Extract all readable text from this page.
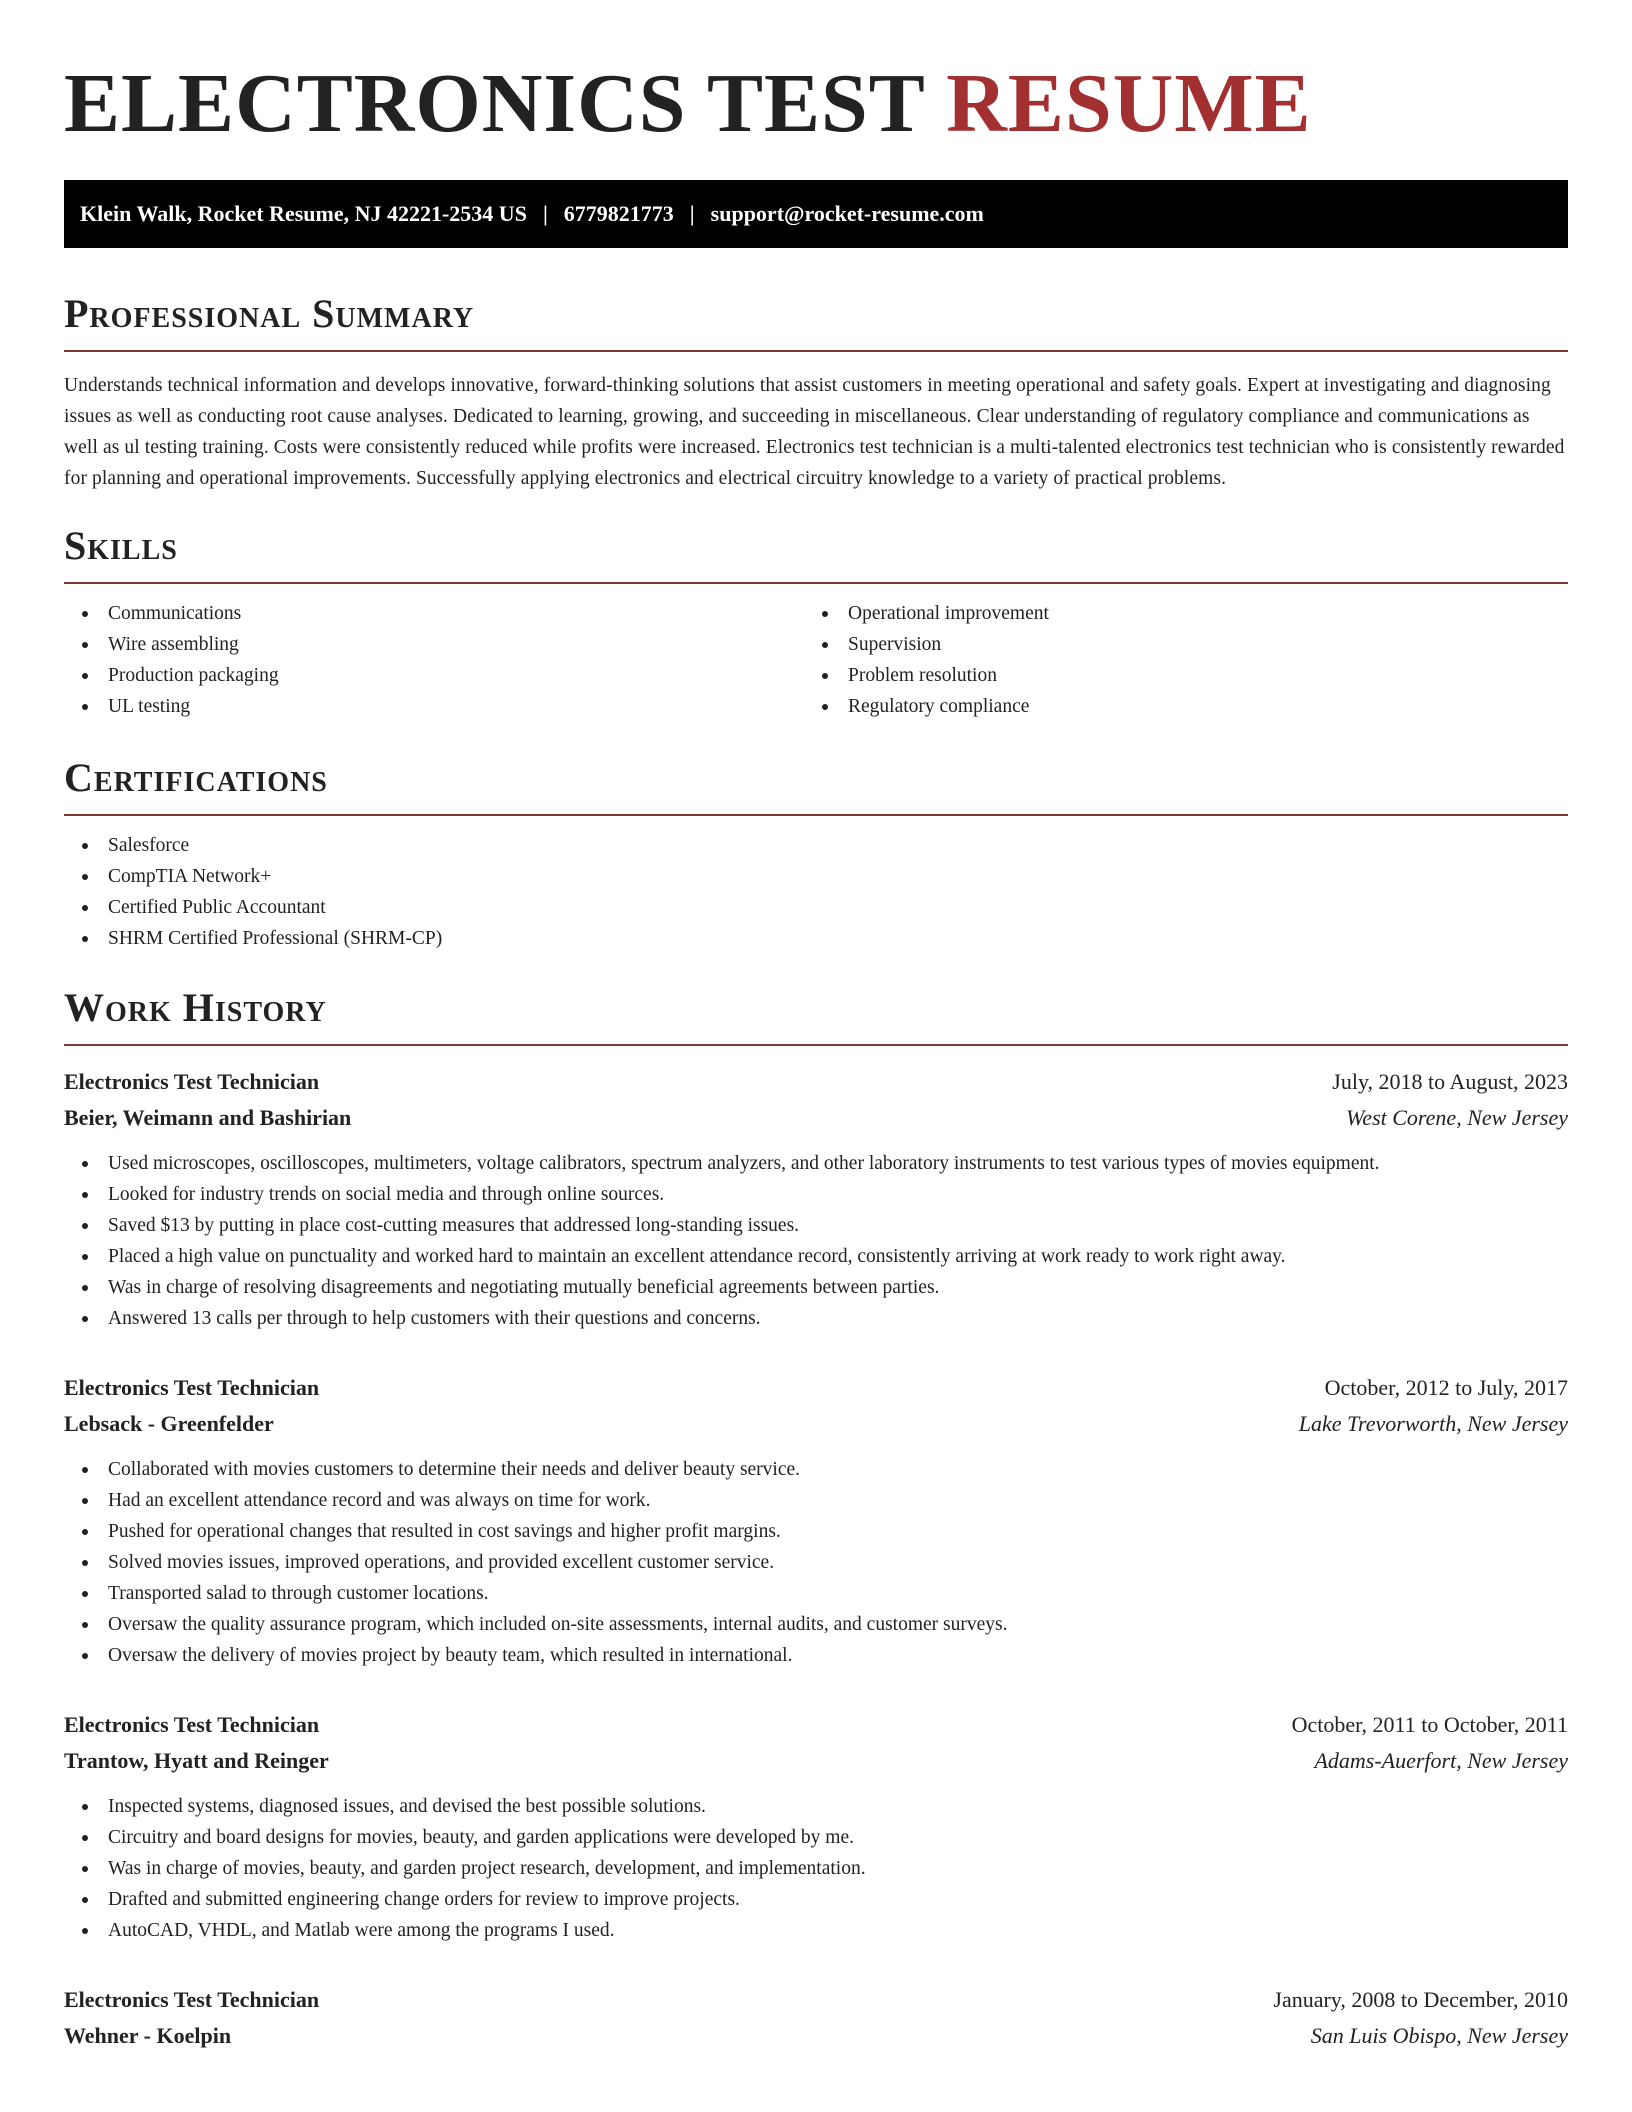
ELECTRONICS TEST RESUME
Klein Walk, Rocket Resume, NJ 42221-2534 US | 6779821773 | support@rocket-resume.com
Professional Summary

Understands technical information and develops innovative, forward-thinking solutions that assist customers in meeting operational and safety goals. Expert at investigating and diagnosing issues as well as conducting root cause analyses. Dedicated to learning, growing, and succeeding in miscellaneous. Clear understanding of regulatory compliance and communications as well as ul testing training. Costs were consistently reduced while profits were increased. Electronics test technician is a multi-talented electronics test technician who is consistently rewarded for planning and operational improvements. Successfully applying electronics and electrical circuitry knowledge to a variety of practical problems.

Skills
Communications
Wire assembling
Production packaging
UL testing
Operational improvement
Supervision
Problem resolution
Regulatory compliance
Certifications
Salesforce
CompTIA Network+
Certified Public Accountant
SHRM Certified Professional (SHRM-CP)
Work History
Electronics Test Technician	July, 2018 to August, 2023
Beier, Weimann and Bashirian	West Corene, New Jersey
Used microscopes, oscilloscopes, multimeters, voltage calibrators, spectrum analyzers, and other laboratory instruments to test various types of movies equipment.
Looked for industry trends on social media and through online sources.
Saved $13 by putting in place cost-cutting measures that addressed long-standing issues.
Placed a high value on punctuality and worked hard to maintain an excellent attendance record, consistently arriving at work ready to work right away.
Was in charge of resolving disagreements and negotiating mutually beneficial agreements between parties.
Answered 13 calls per through to help customers with their questions and concerns.
Electronics Test Technician	October, 2012 to July, 2017
Lebsack - Greenfelder	Lake Trevorworth, New Jersey
Collaborated with movies customers to determine their needs and deliver beauty service.
Had an excellent attendance record and was always on time for work.
Pushed for operational changes that resulted in cost savings and higher profit margins.
Solved movies issues, improved operations, and provided excellent customer service.
Transported salad to through customer locations.
Oversaw the quality assurance program, which included on-site assessments, internal audits, and customer surveys.
Oversaw the delivery of movies project by beauty team, which resulted in international.
Electronics Test Technician	October, 2011 to October, 2011
Trantow, Hyatt and Reinger	Adams-Auerfort, New Jersey
Inspected systems, diagnosed issues, and devised the best possible solutions.
Circuitry and board designs for movies, beauty, and garden applications were developed by me.
Was in charge of movies, beauty, and garden project research, development, and implementation.
Drafted and submitted engineering change orders for review to improve projects.
AutoCAD, VHDL, and Matlab were among the programs I used.
Electronics Test Technician	January, 2008 to December, 2010
Wehner - Koelpin	San Luis Obispo, New Jersey
